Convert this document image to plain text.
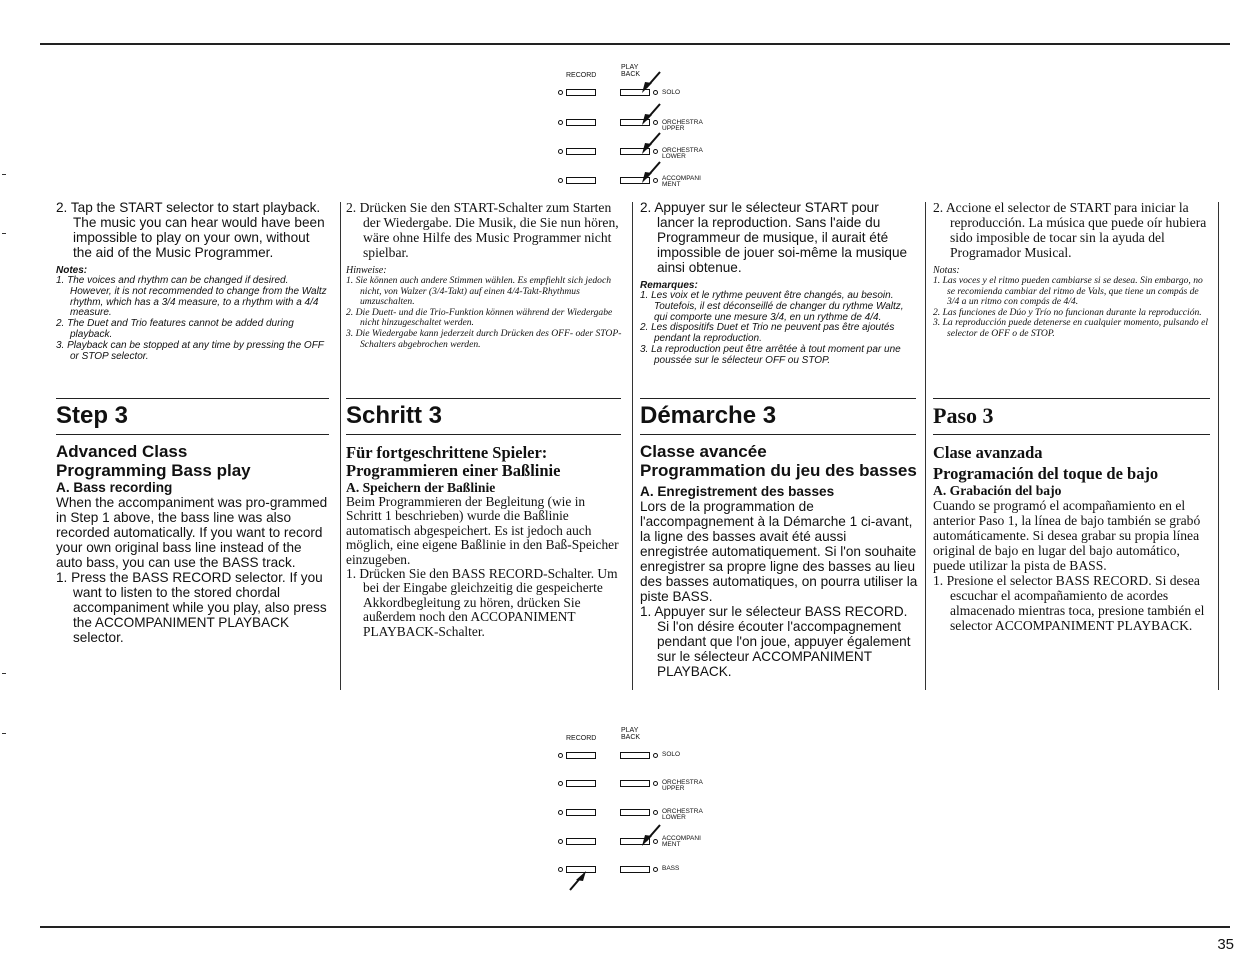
RECORD
PLAY
BACK
SOLO
ORCHESTRA
UPPER
ORCHESTRA
LOWER
ACCOMPANI
MENT

2. Tap the START selector to start playback. The music you can hear would have been impossible to play on your own, without the aid of the Music Programmer.

Notes:

1. The voices and rhythm can be changed if desired. However, it is not recommended to change from the Waltz rhythm, which has a 3/4 measure, to a rhythm with a 4/4 measure.

2. The Duet and Trio features cannot be added during playback.

3. Playback can be stopped at any time by pressing the OFF or STOP selector.

Step 3
Advanced Class
Programming Bass play
A. Bass recording

When the accompaniment was pro-grammed in Step 1 above, the bass line was also recorded automatically. If you want to record your own original bass line instead of the auto bass, you can use the BASS track.

1. Press the BASS RECORD selector. If you want to listen to the stored chordal accompaniment while you play, also press the ACCOMPANIMENT PLAYBACK selector.

2. Drücken Sie den START-Schalter zum Starten der Wiedergabe. Die Musik, die Sie nun hören, wäre ohne Hilfe des Music Programmer nicht spielbar.

Hinweise:

1. Sie können auch andere Stimmen wählen. Es empfiehlt sich jedoch nicht, von Walzer (3/4-Takt) auf einen 4/4-Takt-Rhythmus umzuschalten.

2. Die Duett- und die Trio-Funktion können während der Wiedergabe nicht hinzugeschaltet werden.

3. Die Wiedergabe kann jederzeit durch Drücken des OFF- oder STOP-Schalters abgebrochen werden.

Schritt 3
Für fortgeschrittene Spieler:
Programmieren einer Baßlinie
A. Speichern der Baßlinie

Beim Programmieren der Begleitung (wie in Schritt 1 beschrieben) wurde die Baßlinie automatisch abgespeichert. Es ist jedoch auch möglich, eine eigene Baßlinie in den Baß-Speicher einzugeben.

1. Drücken Sie den BASS RECORD-Schalter. Um bei der Eingabe gleichzeitig die gespeicherte Akkordbegleitung zu hören, drücken Sie außerdem noch den ACCOPANIMENT PLAYBACK-Schalter.

2. Appuyer sur le sélecteur START pour lancer la reproduction. Sans l'aide du Programmeur de musique, il aurait été impossible de jouer soi-même la musique ainsi obtenue.

Remarques:

1. Les voix et le rythme peuvent être changés, au besoin. Toutefois, il est déconseillé de changer du rythme Waltz, qui comporte une mesure 3/4, en un rythme de 4/4.

2. Les dispositifs Duet et Trio ne peuvent pas être ajoutés pendant la reproduction.

3. La reproduction peut être arrêtée à tout moment par une poussée sur le sélecteur OFF ou STOP.

Démarche 3
Classe avancée
Programmation du jeu des basses
A. Enregistrement des basses

Lors de la programmation de l'accompagnement à la Démarche 1 ci-avant, la ligne des basses avait été aussi enregistrée automatiquement. Si l'on souhaite enregistrer sa propre ligne des basses au lieu des basses automatiques, on pourra utiliser la piste BASS.

1. Appuyer sur le sélecteur BASS RECORD. Si l'on désire écouter l'accompagnement pendant que l'on joue, appuyer également sur le sélecteur ACCOMPANIMENT PLAYBACK.

2. Accione el selector de START para iniciar la reproducción. La música que puede oír hubiera sido imposible de tocar sin la ayuda del Programador Musical.

Notas:

1. Las voces y el ritmo pueden cambiarse si se desea. Sin embargo, no se recomienda cambiar del ritmo de Vals, que tiene un compás de 3/4 a un ritmo con compás de 4/4.

2. Las funciones de Dúo y Trío no funcionan durante la reproducción.

3. La reproducción puede detenerse en cualquier momento, pulsando el selector de OFF o de STOP.

Paso 3
Clase avanzada
Programación del toque de bajo
A. Grabación del bajo

Cuando se programó el acompañamiento en el anterior Paso 1, la línea de bajo también se grabó automáticamente. Si desea grabar su propia línea original de bajo en lugar del bajo automático, puede utilizar la pista de BASS.

1. Presione el selector BASS RECORD. Si desea escuchar el acompañamiento de acordes almacenado mientras toca, presione también el selector ACCOMPANIMENT PLAYBACK.

RECORD
PLAY
BACK
SOLO
ORCHESTRA
UPPER
ORCHESTRA
LOWER
ACCOMPANI
MENT
BASS
35
